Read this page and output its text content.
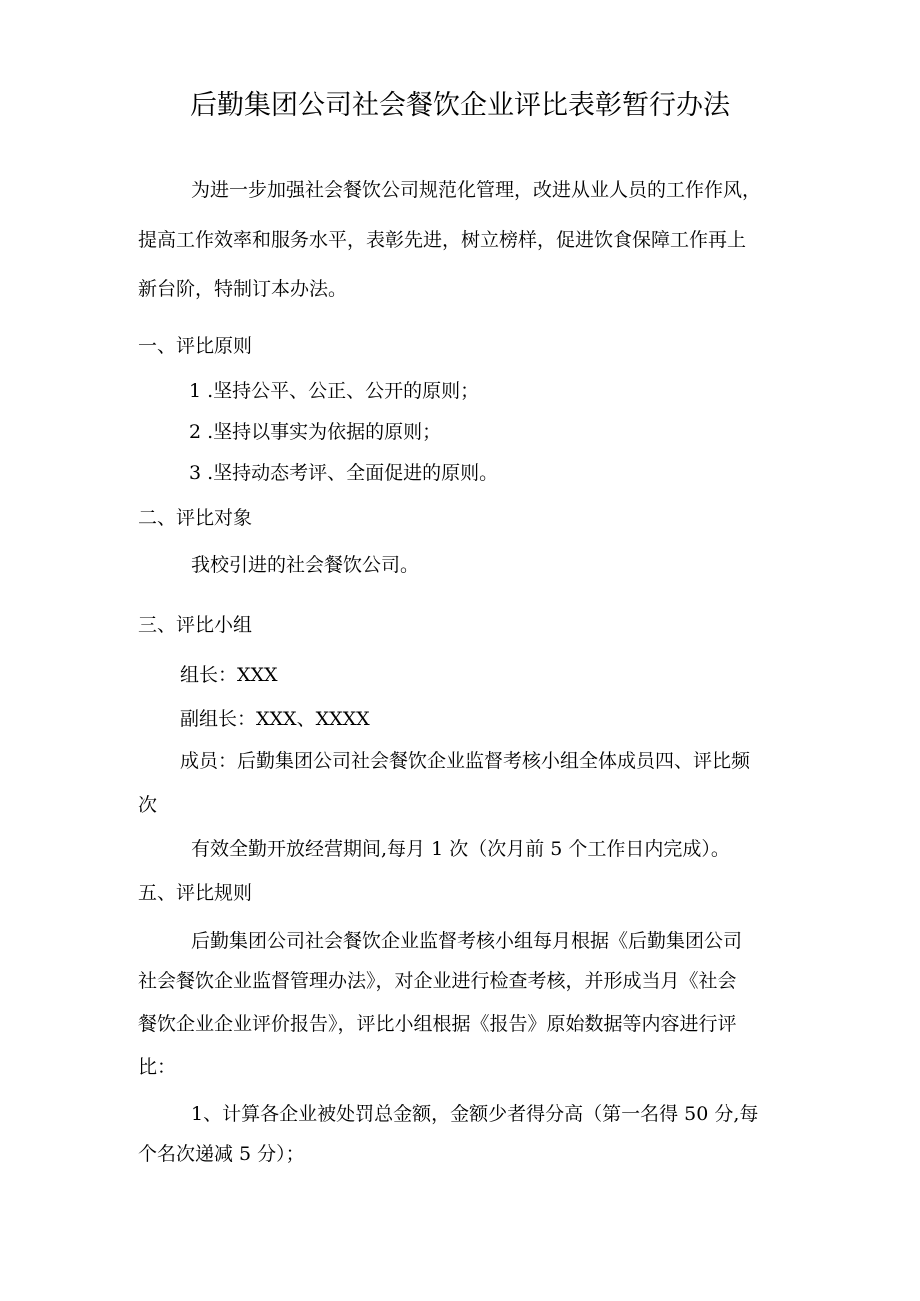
后勤集团公司社会餐饮企业评比表彰暂行办法
为进一步加强社会餐饮公司规范化管理，改进从业人员的工作作风，
提高工作效率和服务水平，表彰先进，树立榜样，促进饮食保障工作再上
新台阶，特制订本办法。
一、评比原则
1 .坚持公平、公正、公开的原则；
2 .坚持以事实为依据的原则；
3 .坚持动态考评、全面促进的原则。
二、评比对象
我校引进的社会餐饮公司。
三、评比小组
组长：XXX
副组长：XXX、XXXX
成员：后勤集团公司社会餐饮企业监督考核小组全体成员四、评比频
次
有效全勤开放经营期间,每月 1 次（次月前 5 个工作日内完成）。
五、评比规则
后勤集团公司社会餐饮企业监督考核小组每月根据《后勤集团公司
社会餐饮企业监督管理办法》，对企业进行检查考核，并形成当月《社会
餐饮企业企业评价报告》，评比小组根据《报告》原始数据等内容进行评
比：
1、计算各企业被处罚总金额，金额少者得分高（第一名得 50 分,每
个名次递减 5 分）；
